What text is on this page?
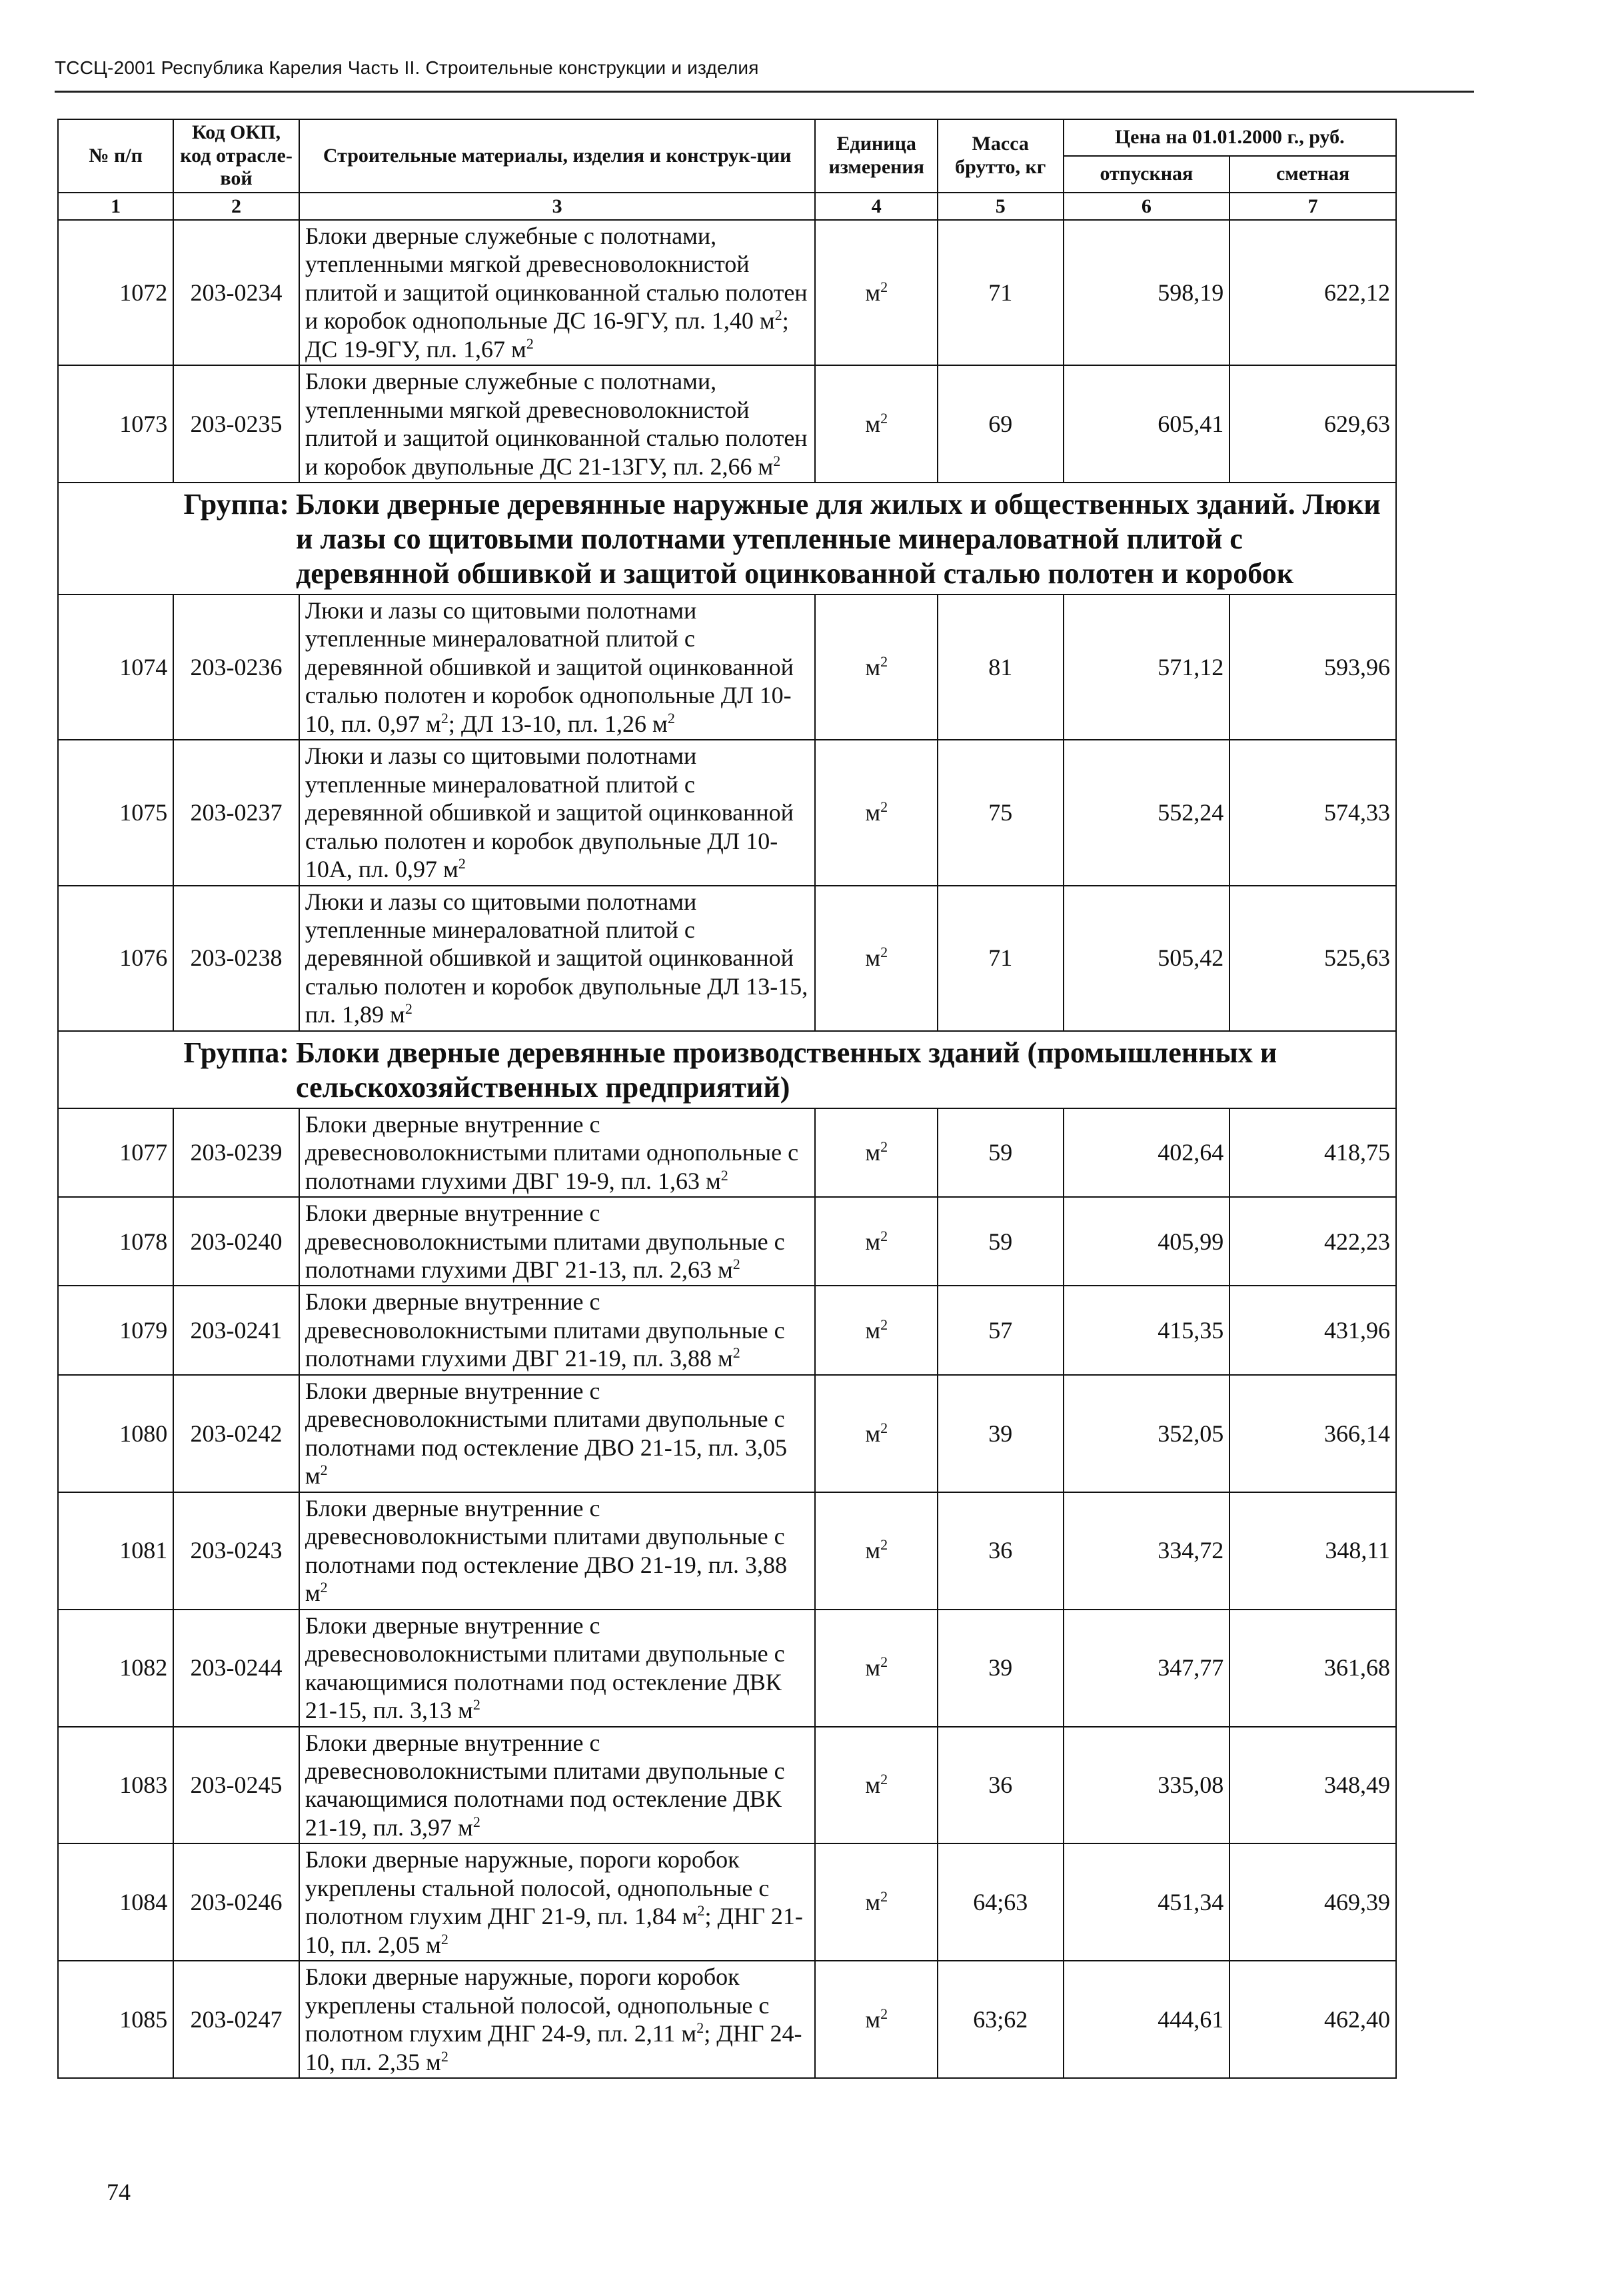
ТССЦ-2001 Республика Карелия Часть II. Строительные конструкции и изделия
№ п/п	Код ОКП, код отрасле-вой	Строительные материалы, изделия и конструк-ции	Единица измерения	Масса брутто, кг	Цена на 01.01.2000 г., руб.	
					отпускная	сметная
1	2	3	4	5	6	7
1072	203-0234	Блоки дверные служебные с полотнами, утепленными мягкой древесноволокнистой плитой и защитой оцинкованной сталью полотен и коробок однопольные ДС 16-9ГУ, пл. 1,40 $м^2$; ДС 19-9ГУ, пл. 1,67 $м^2$	$м^2$	71	598,19	622,12
1073	203-0235	Блоки дверные служебные с полотнами, утепленными мягкой древесноволокнистой плитой и защитой оцинкованной сталью полотен и коробок двупольные ДС 21-13ГУ, пл. 2,66 $м^2$	$м^2$	69	605,41	629,63

Группа: Блоки дверные деревянные наружные для жилых и общественных зданий. Люки и лазы со щитовыми полотнами утепленные минераловатной плитой с деревянной обшивкой и защитой оцинкованной сталью полотен и коробок						

1074	203-0236	Люки и лазы со щитовыми полотнами утепленные минераловатной плитой с деревянной обшивкой и защитой оцинкованной сталью полотен и коробок однопольные ДЛ 10-10, пл. 0,97 $м^2$; ДЛ 13-10, пл. 1,26 $м^2$	$м^2$	81	571,12	593,96
1075	203-0237	Люки и лазы со щитовыми полотнами утепленные минераловатной плитой с деревянной обшивкой и защитой оцинкованной сталью полотен и коробок двупольные ДЛ 10-10А, пл. 0,97 $м^2$	$м^2$	75	552,24	574,33
1076	203-0238	Люки и лазы со щитовыми полотнами утепленные минераловатной плитой с деревянной обшивкой и защитой оцинкованной сталью полотен и коробок двупольные ДЛ 13-15, пл. 1,89 $м^2$	$м^2$	71	505,42	525,63

Группа: Блоки дверные деревянные производственных зданий (промышленных и сельскохозяйственных предприятий)						

1077	203-0239	Блоки дверные внутренние с древесноволокнистыми плитами однопольные с полотнами глухими ДВГ 19-9, пл. 1,63 $м^2$	$м^2$	59	402,64	418,75
1078	203-0240	Блоки дверные внутренние с древесноволокнистыми плитами двупольные с полотнами глухими ДВГ 21-13, пл. 2,63 $м^2$	$м^2$	59	405,99	422,23
1079	203-0241	Блоки дверные внутренние с древесноволокнистыми плитами двупольные с полотнами глухими ДВГ 21-19, пл. 3,88 $м^2$	$м^2$	57	415,35	431,96
1080	203-0242	Блоки дверные внутренние с древесноволокнистыми плитами двупольные с полотнами под остекление ДВО 21-15, пл. 3,05 $м^2$	$м^2$	39	352,05	366,14
1081	203-0243	Блоки дверные внутренние с древесноволокнистыми плитами двупольные с полотнами под остекление ДВО 21-19, пл. 3,88 $м^2$	$м^2$	36	334,72	348,11
1082	203-0244	Блоки дверные внутренние с древесноволокнистыми плитами двупольные с качающимися полотнами под остекление ДВК 21-15, пл. 3,13 $м^2$	$м^2$	39	347,77	361,68
1083	203-0245	Блоки дверные внутренние с древесноволокнистыми плитами двупольные с качающимися полотнами под остекление ДВК 21-19, пл. 3,97 $м^2$	$м^2$	36	335,08	348,49
1084	203-0246	Блоки дверные наружные, пороги коробок укреплены стальной полосой, однопольные с полотном глухим ДНГ 21-9, пл. 1,84 $м^2$; ДНГ 21-10, пл. 2,05 $м^2$	$м^2$	64;63	451,34	469,39
1085	203-0247	Блоки дверные наружные, пороги коробок укреплены стальной полосой, однопольные с полотном глухим ДНГ 24-9, пл. 2,11 $м^2$; ДНГ 24-10, пл. 2,35 $м^2$	$м^2$	63;62	444,61	462,40
74
